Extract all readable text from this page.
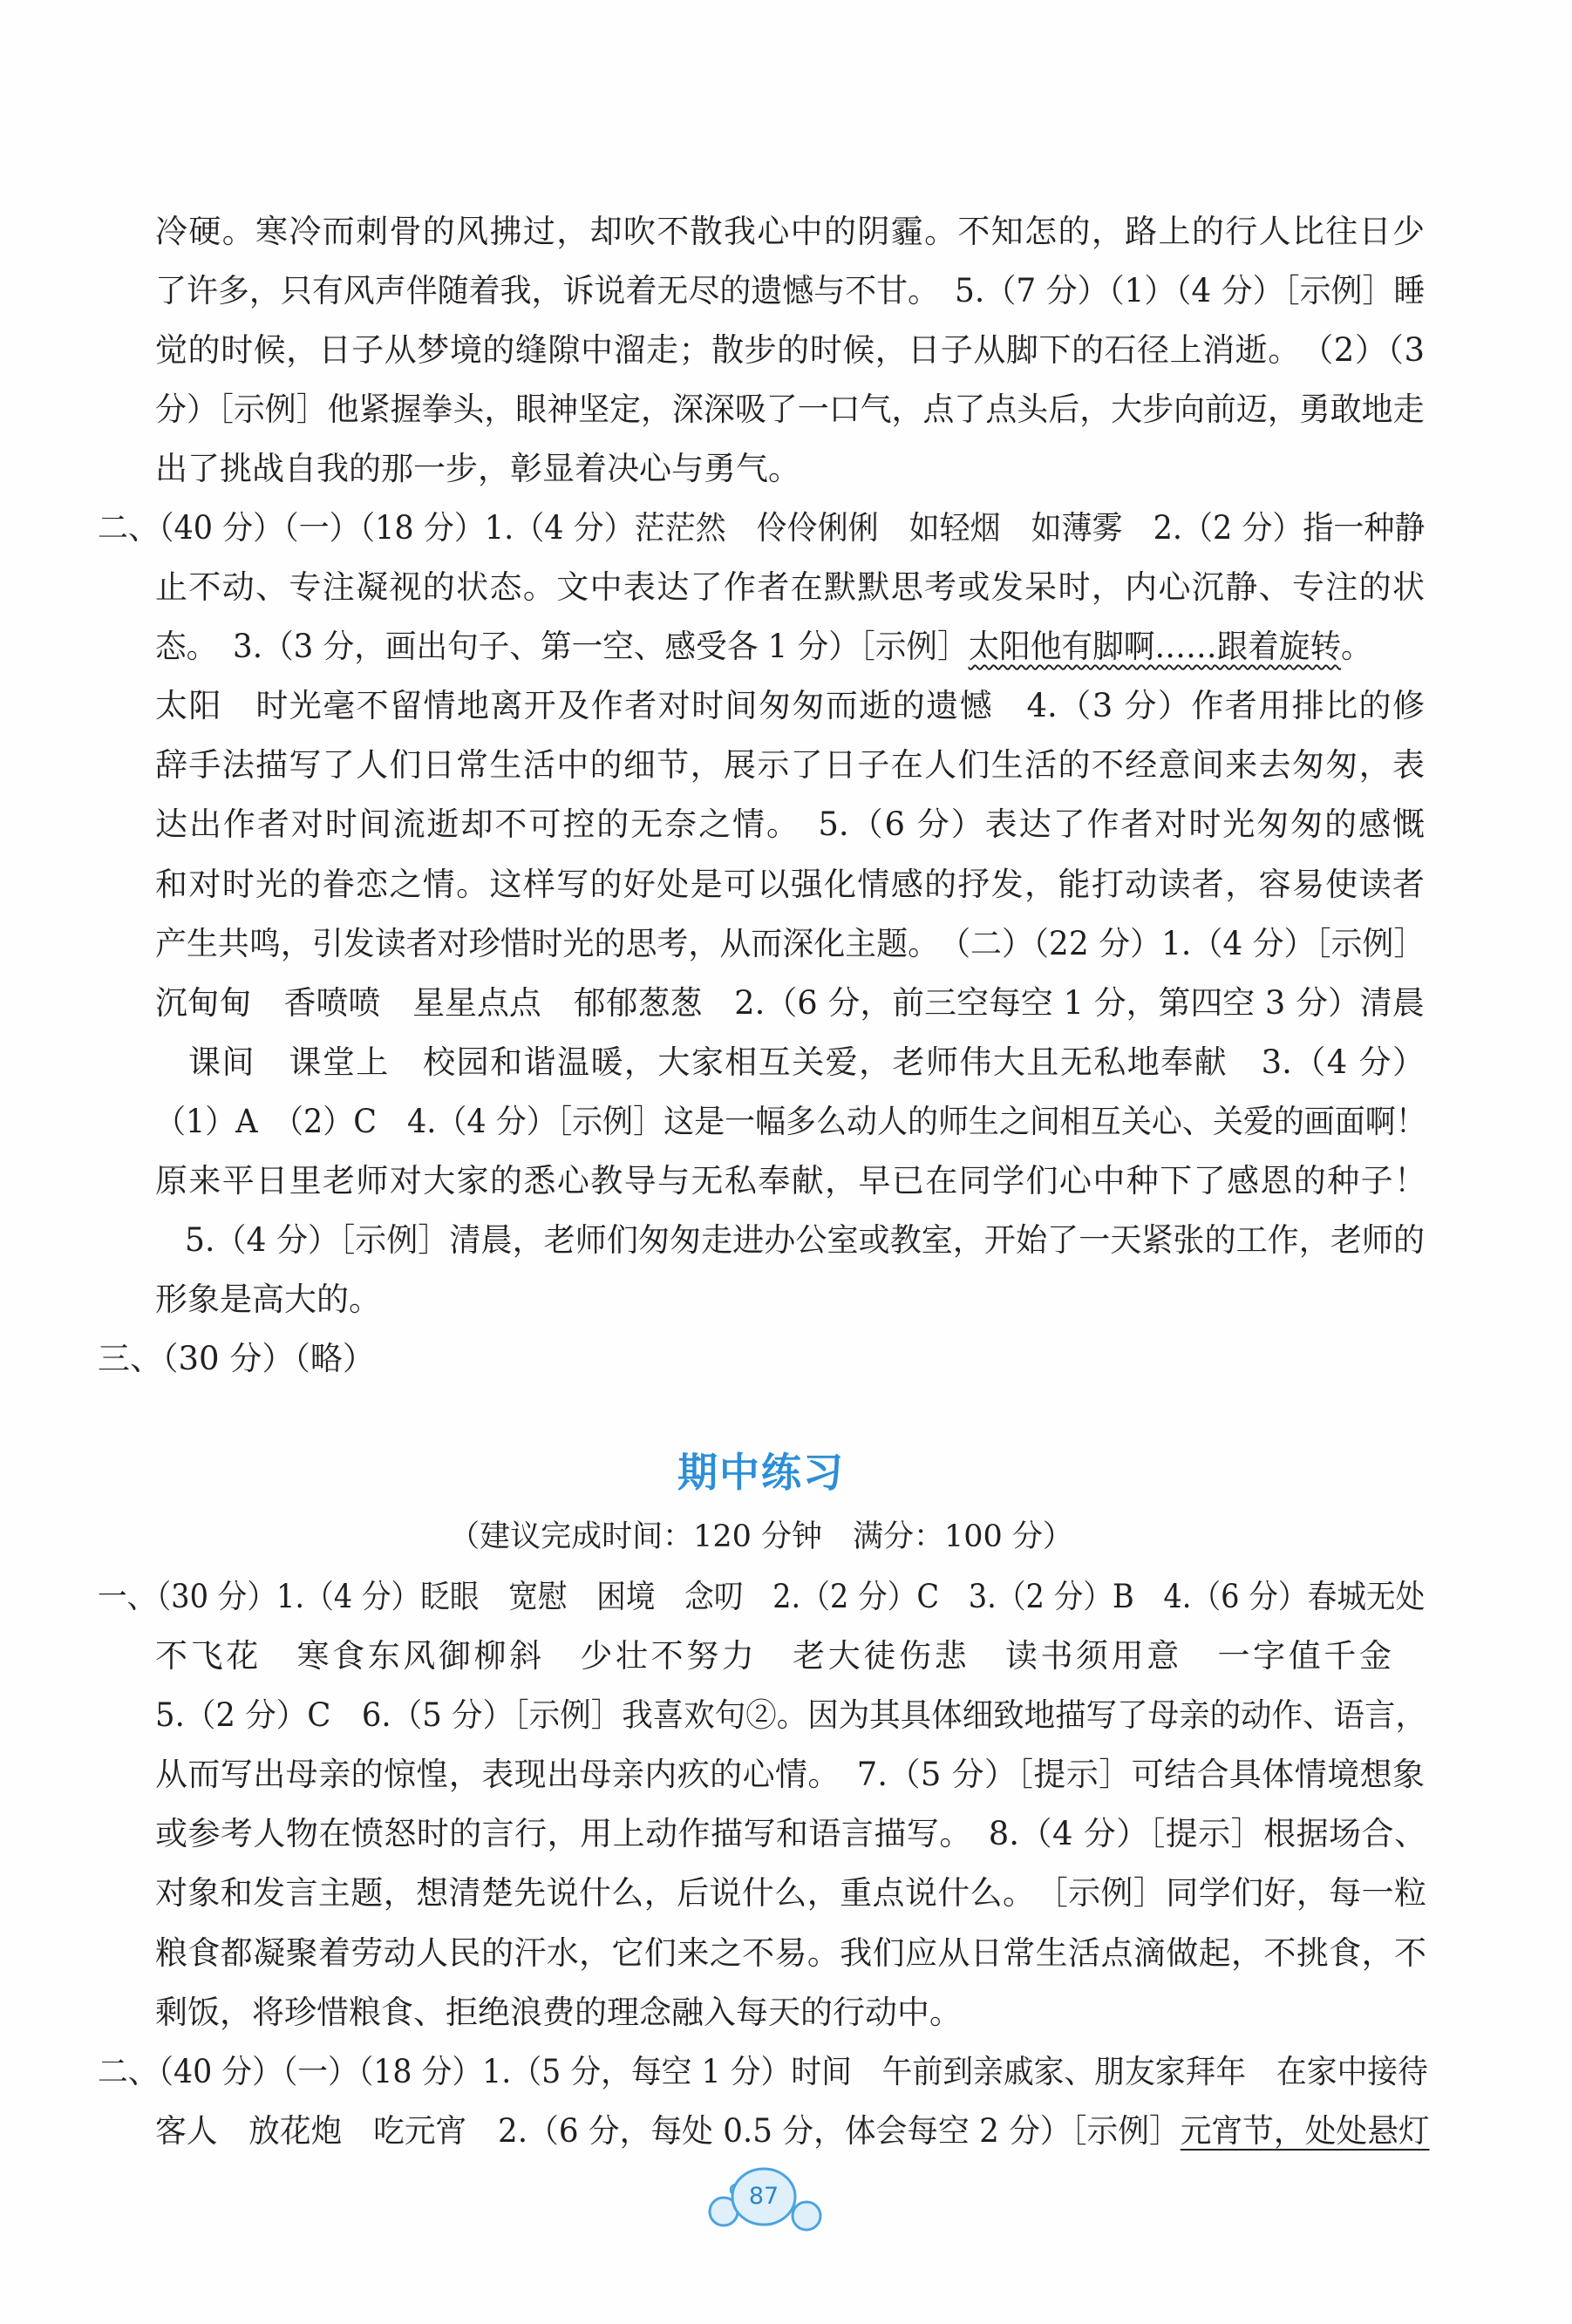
冷硬。寒冷而刺骨的风拂过，却吹不散我心中的阴霾。不知怎的，路上的行人比往日少
了许多，只有风声伴随着我，诉说着无尽的遗憾与不甘。　5.（7 分）（1）（4 分）［示例］睡
觉的时候，日子从梦境的缝隙中溜走；散步的时候，日子从脚下的石径上消逝。　（2）（3
分）［示例］他紧握拳头，眼神坚定，深深吸了一口气，点了点头后，大步向前迈，勇敢地走
出了挑战自我的那一步，彰显着决心与勇气。
二、（40 分）（一）（18 分）1.（4 分）茫茫然　伶伶俐俐　如轻烟　如薄雾　2.（2 分）指一种静
止不动、专注凝视的状态。文中表达了作者在默默思考或发呆时，内心沉静、专注的状
态。　3.（3 分，画出句子、第一空、感受各 1 分）［示例］太阳他有脚啊……跟着旋转。
太阳　时光毫不留情地离开及作者对时间匆匆而逝的遗憾　4.（3 分）作者用排比的修
辞手法描写了人们日常生活中的细节，展示了日子在人们生活的不经意间来去匆匆，表
达出作者对时间流逝却不可控的无奈之情。　5.（6 分）表达了作者对时光匆匆的感慨
和对时光的眷恋之情。这样写的好处是可以强化情感的抒发，能打动读者，容易使读者
产生共鸣，引发读者对珍惜时光的思考，从而深化主题。　（二）（22 分）1.（4 分）［示例］
沉甸甸　香喷喷　星星点点　郁郁葱葱　2.（6 分，前三空每空 1 分，第四空 3 分）清晨
课间　课堂上　校园和谐温暖，大家相互关爱，老师伟大且无私地奉献　3.（4 分）
（1）A　（2）C　4.（4 分）［示例］这是一幅多么动人的师生之间相互关心、关爱的画面啊！
原来平日里老师对大家的悉心教导与无私奉献，早已在同学们心中种下了感恩的种子！
5.（4 分）［示例］清晨，老师们匆匆走进办公室或教室，开始了一天紧张的工作，老师的
形象是高大的。
三、（30 分）（略）
期中练习
（建议完成时间：120 分钟　满分：100 分）
一、（30 分）1.（4 分）眨眼　宽慰　困境　念叨　2.（2 分）C　3.（2 分）B　4.（6 分）春城无处
不飞花　寒食东风御柳斜　少壮不努力　老大徒伤悲　读书须用意　一字值千金
5.（2 分）C　6.（5 分）［示例］我喜欢句②。因为其具体细致地描写了母亲的动作、语言，
从而写出母亲的惊惶，表现出母亲内疚的心情。　7.（5 分）［提示］可结合具体情境想象
或参考人物在愤怒时的言行，用上动作描写和语言描写。　8.（4 分）［提示］根据场合、
对象和发言主题，想清楚先说什么，后说什么，重点说什么。　［示例］同学们好，每一粒
粮食都凝聚着劳动人民的汗水，它们来之不易。我们应从日常生活点滴做起，不挑食，不
剩饭，将珍惜粮食、拒绝浪费的理念融入每天的行动中。
二、（40 分）（一）（18 分）1.（5 分，每空 1 分）时间　午前到亲戚家、朋友家拜年　在家中接待
客人　放花炮　吃元宵　2.（6 分，每处 0.5 分，体会每空 2 分）［示例］元宵节，处处悬灯
87
